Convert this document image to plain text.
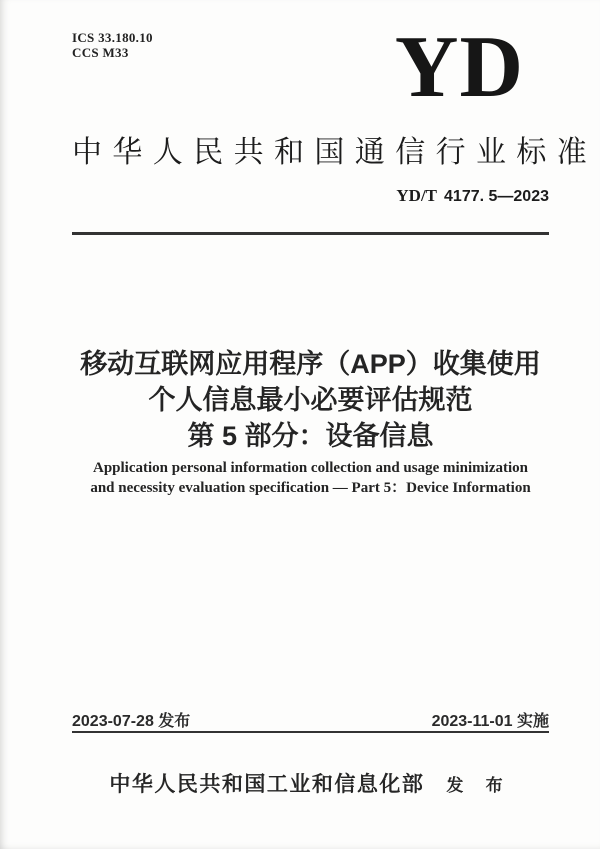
ICS 33.180.10
CCS M33	YD
中华人民共和国通信行业标准
YD/T 4177. 5—2023
移动互联网应用程序（APP）收集使用
个人信息最小必要评估规范
第 5 部分：设备信息
Application personal information collection and usage minimization
and necessity evaluation specification — Part 5：Device Information
2023-07-28 发布	2023-11-01 实施
中华人民共和国工业和信息化部 发 布
